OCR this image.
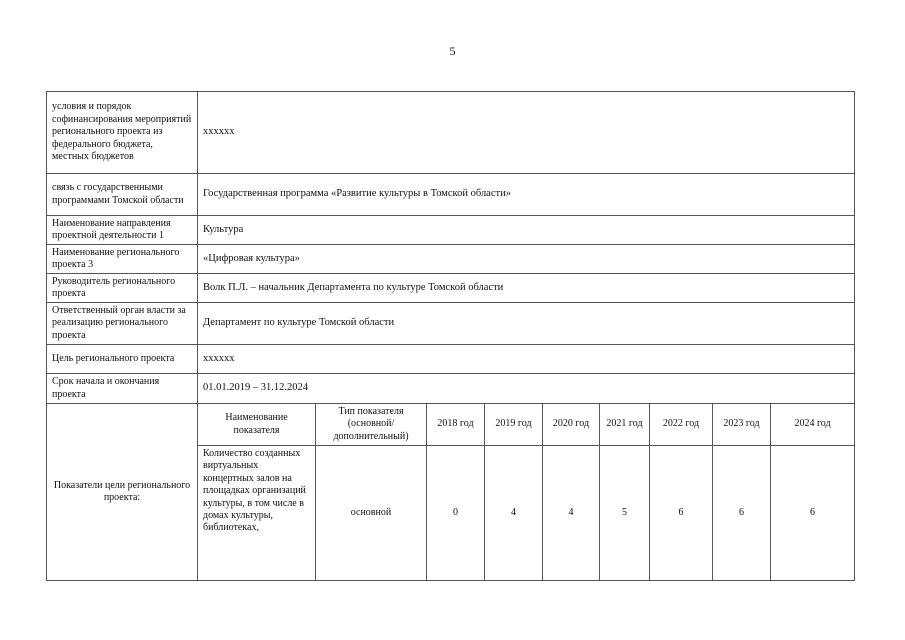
5
условия и порядок софинансирования мероприятий регионального проекта из федерального бюджета, местных бюджетов	xxxxxx								
связь с государственными программами Томской области	Государственная программа «Развитие культуры в Томской области»								
Наименование направления проектной деятельности 1	Культура								
Наименование регионального проекта 3	«Цифровая культура»								
Руководитель регионального проекта	Волк П.Л. – начальник Департамента по культуре Томской области								
Ответственный орган власти за реализацию регионального проекта	Департамент по культуре Томской области								
Цель регионального проекта	xxxxxx								
Срок начала и окончания проекта	01.01.2019 – 31.12.2024								
Показатели цели регионального проекта:	Наименование показателя	Тип показателя (основной/ дополнительный)	2018 год	2019 год	2020 год	2021 год	2022 год	2023 год	2024 год
	Количество созданных виртуальных концертных залов на площадках организаций культуры, в том числе в домах культуры, библиотеках,	основной	0	4	4	5	6	6	6
